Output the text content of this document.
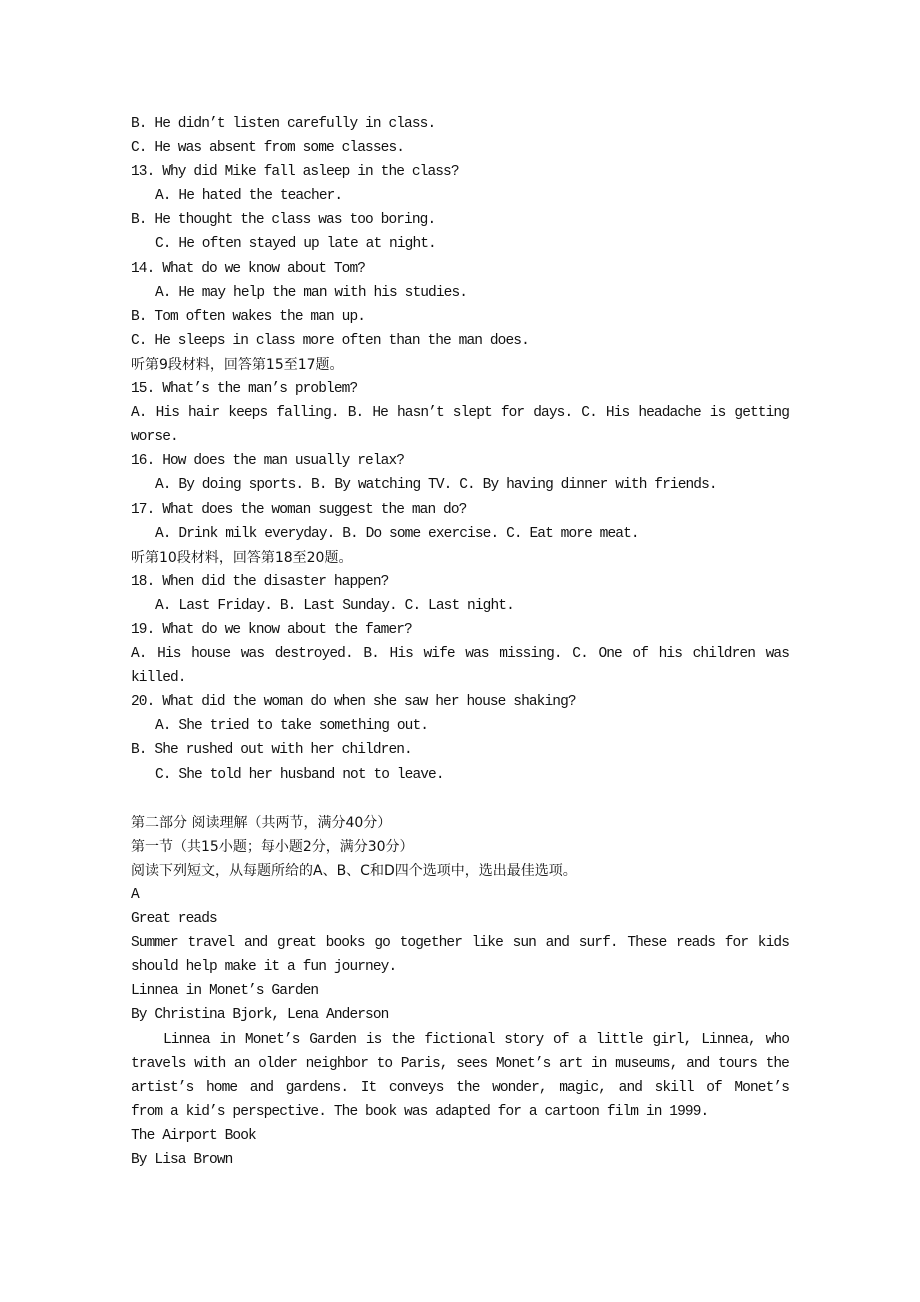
B. He didn’t listen carefully in class.
C. He was absent from some classes.
13. Why did Mike fall asleep in the class?
A. He hated the teacher.
B. He thought the class was too boring.
C. He often stayed up late at night.
14. What do we know about Tom?
A. He may help the man with his studies.
B. Tom often wakes the man up.
C. He sleeps in class more often than the man does.
听第9段材料，回答第15至17题。
15. What’s the man’s problem?
A. His hair keeps falling. B. He hasn’t slept for days. C. His headache is getting
worse.
16. How does the man usually relax?
A. By doing sports. B. By watching TV. C. By having dinner with friends.
17. What does the woman suggest the man do?
A. Drink milk everyday. B. Do some exercise. C. Eat more meat.
听第10段材料，回答第18至20题。
18. When did the disaster happen?
A. Last Friday. B. Last Sunday. C. Last night.
19. What do we know about the famer?
A. His house was destroyed. B. His wife was missing. C. One of his children was
killed.
20. What did the woman do when she saw her house shaking?
A. She tried to take something out.
B. She rushed out with her children.
C. She told her husband not to leave.
第二部分 阅读理解（共两节，满分40分）
第一节（共15小题；每小题2分，满分30分）
阅读下列短文，从每题所给的A、B、C和D四个选项中，选出最佳选项。
A
Great reads
Summer travel and great books go together like sun and surf. These reads for kids
should help make it a fun journey.
Linnea in Monet’s Garden
By Christina Bjork, Lena Anderson
Linnea in Monet’s Garden is the fictional story of a little girl, Linnea, who
travels with an older neighbor to Paris, sees Monet’s art in museums, and tours the
artist’s home and gardens. It conveys the wonder, magic, and skill of Monet’s
from a kid’s perspective. The book was adapted for a cartoon film in 1999.
The Airport Book
By Lisa Brown
